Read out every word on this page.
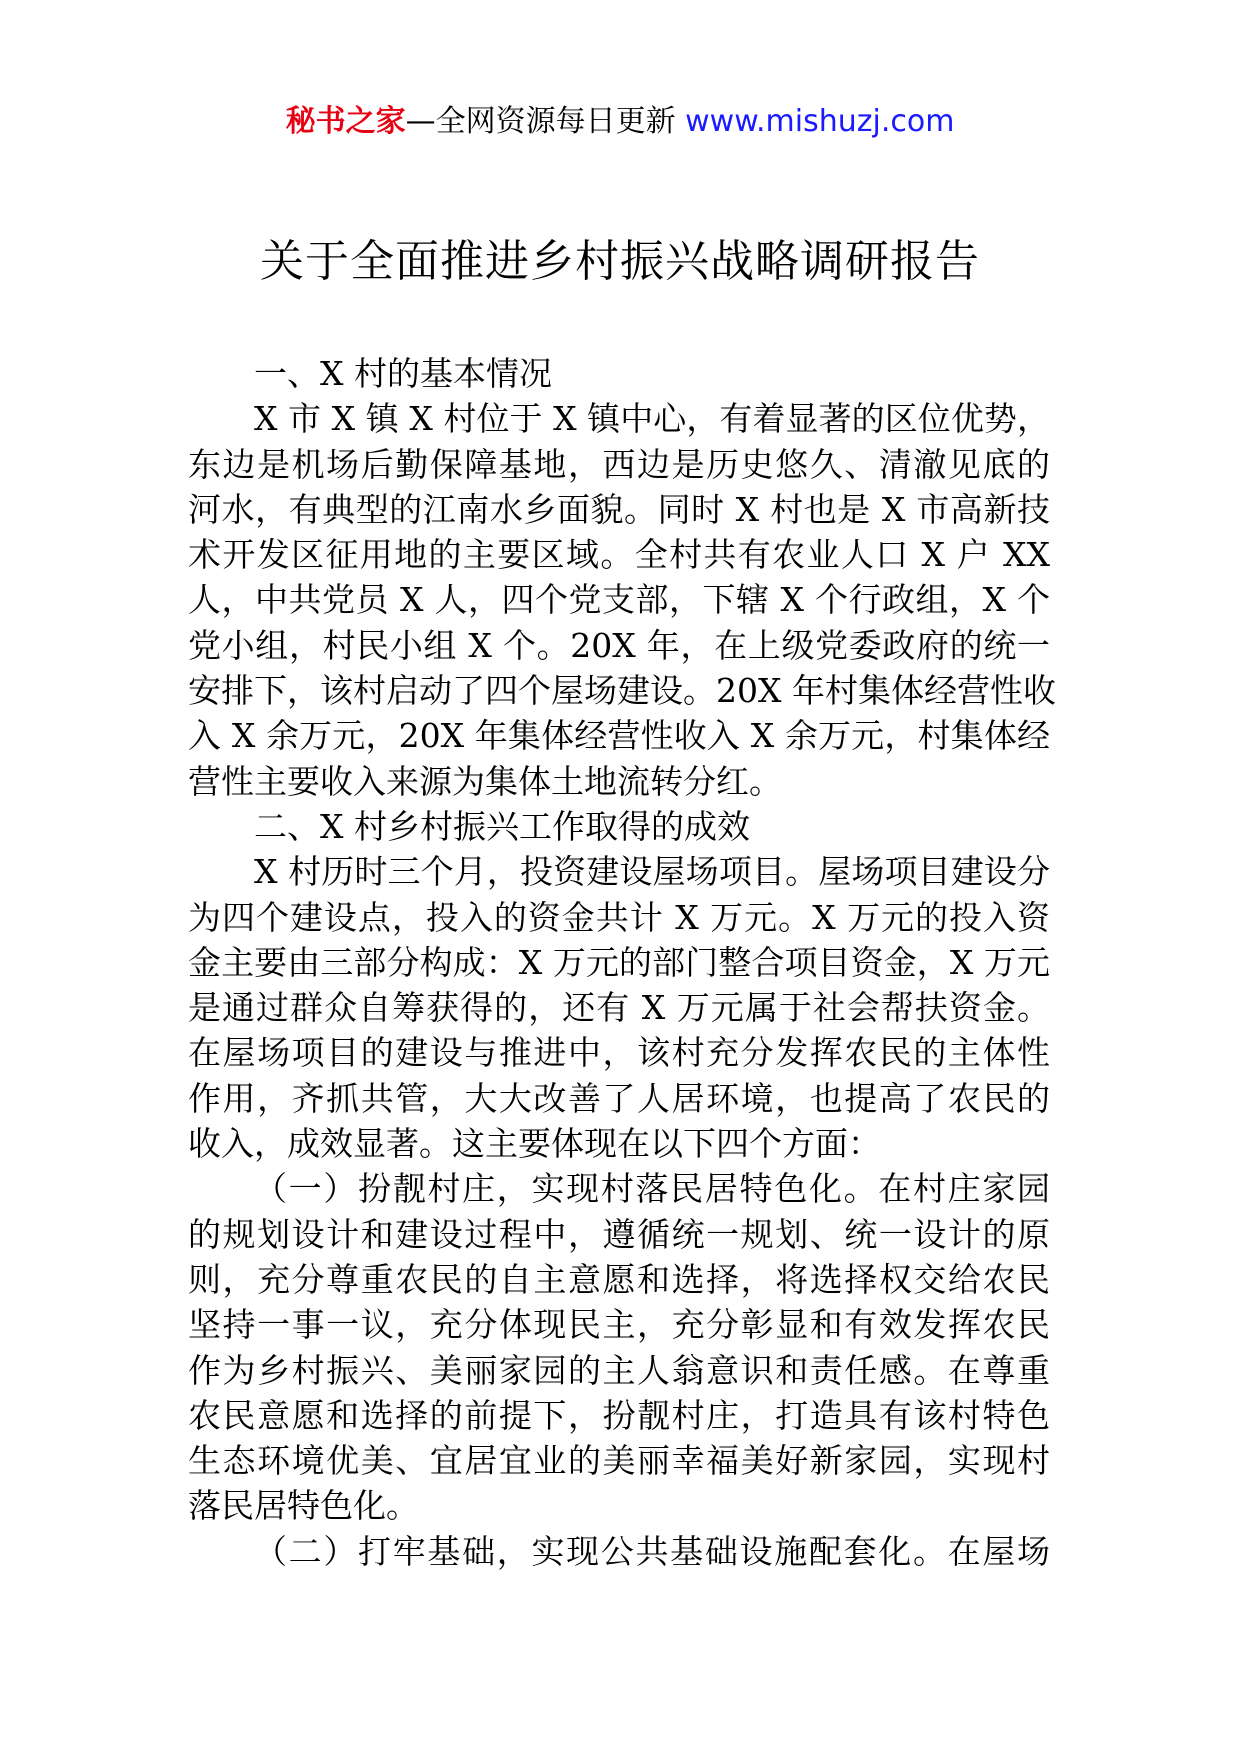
秘书之家—全网资源每日更新 www.mishuzj.com
关于全面推进乡村振兴战略调研报告
一、X 村的基本情况
X 市 X 镇 X 村位于 X 镇中心，有着显著的区位优势，
东边是机场后勤保障基地，西边是历史悠久、清澈见底的
河水，有典型的江南水乡面貌。同时 X 村也是 X 市高新技
术开发区征用地的主要区域。全村共有农业人口 X 户 XX
人，中共党员 X 人，四个党支部，下辖 X 个行政组，X 个
党小组，村民小组 X 个。20X 年，在上级党委政府的统一
安排下，该村启动了四个屋场建设。20X 年村集体经营性收
入 X 余万元，20X 年集体经营性收入 X 余万元，村集体经
营性主要收入来源为集体土地流转分红。
二、X 村乡村振兴工作取得的成效
X 村历时三个月，投资建设屋场项目。屋场项目建设分
为四个建设点，投入的资金共计 X 万元。X 万元的投入资
金主要由三部分构成：X 万元的部门整合项目资金，X 万元
是通过群众自筹获得的，还有 X 万元属于社会帮扶资金。
在屋场项目的建设与推进中，该村充分发挥农民的主体性
作用，齐抓共管，大大改善了人居环境，也提高了农民的
收入，成效显著。这主要体现在以下四个方面：
（一）扮靓村庄，实现村落民居特色化。在村庄家园
的规划设计和建设过程中，遵循统一规划、统一设计的原
则，充分尊重农民的自主意愿和选择，将选择权交给农民
坚持一事一议，充分体现民主，充分彰显和有效发挥农民
作为乡村振兴、美丽家园的主人翁意识和责任感。在尊重
农民意愿和选择的前提下，扮靓村庄，打造具有该村特色
生态环境优美、宜居宜业的美丽幸福美好新家园，实现村
落民居特色化。
（二）打牢基础，实现公共基础设施配套化。在屋场
